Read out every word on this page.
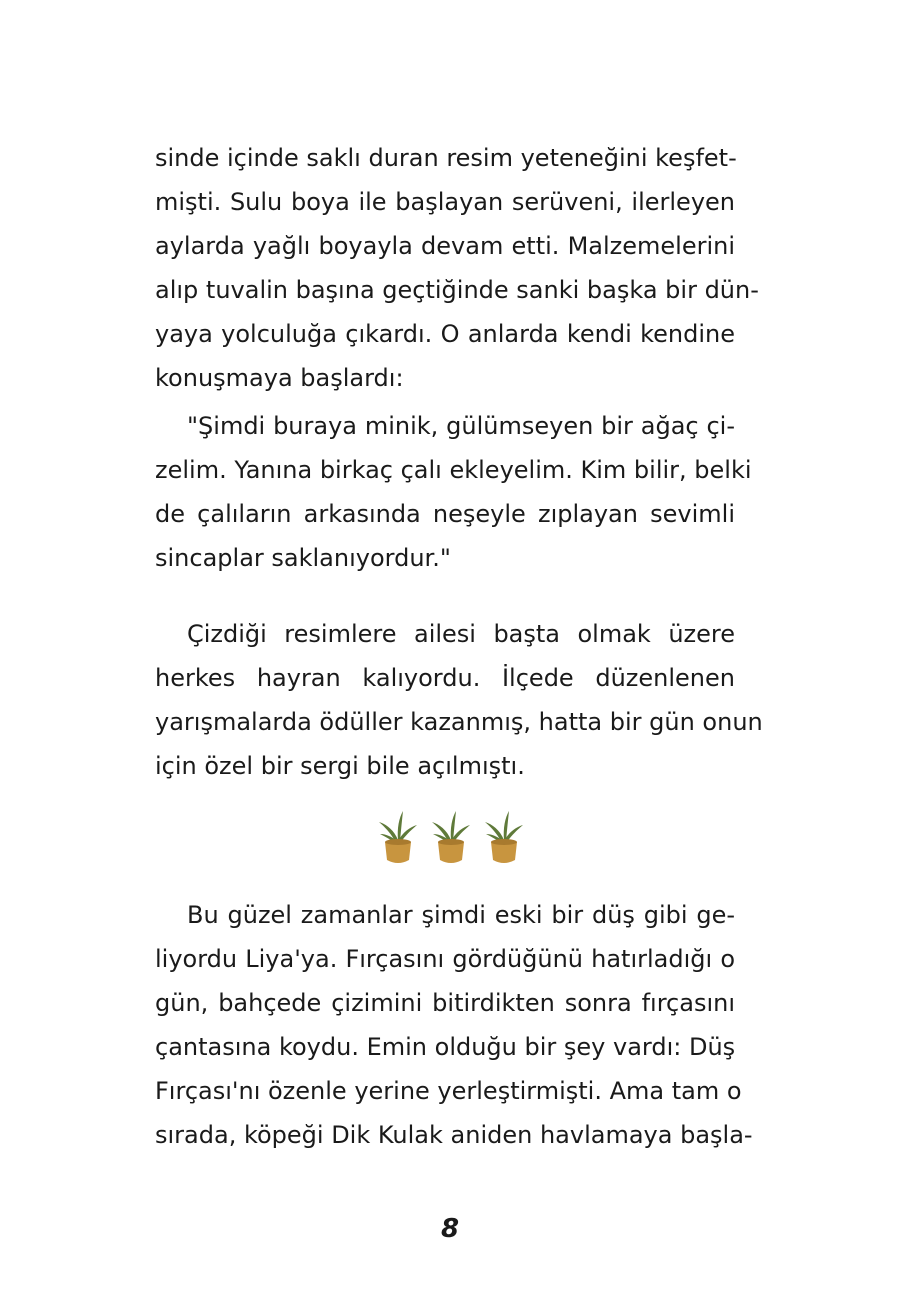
sinde içinde saklı duran resim yeteneğini keşfet-
mişti. Sulu boya ile başlayan serüveni, ilerleyen
aylarda yağlı boyayla devam etti. Malzemelerini
alıp tuvalin başına geçtiğinde sanki başka bir dün-
yaya yolculuğa çıkardı. O anlarda kendi kendine
konuşmaya başlardı:
"Şimdi buraya minik, gülümseyen bir ağaç çi-
zelim. Yanına birkaç çalı ekleyelim. Kim bilir, belki
de çalıların arkasında neşeyle zıplayan sevimli
sincaplar saklanıyordur."
Çizdiği resimlere ailesi başta olmak üzere
herkes hayran kalıyordu. İlçede düzenlenen
yarışmalarda ödüller kazanmış, hatta bir gün onun
için özel bir sergi bile açılmıştı.
Bu güzel zamanlar şimdi eski bir düş gibi ge-
liyordu Liya'ya. Fırçasını gördüğünü hatırladığı o
gün, bahçede çizimini bitirdikten sonra fırçasını
çantasına koydu. Emin olduğu bir şey vardı: Düş
Fırçası'nı özenle yerine yerleştirmişti. Ama tam o
sırada, köpeği Dik Kulak aniden havlamaya başla-
8
